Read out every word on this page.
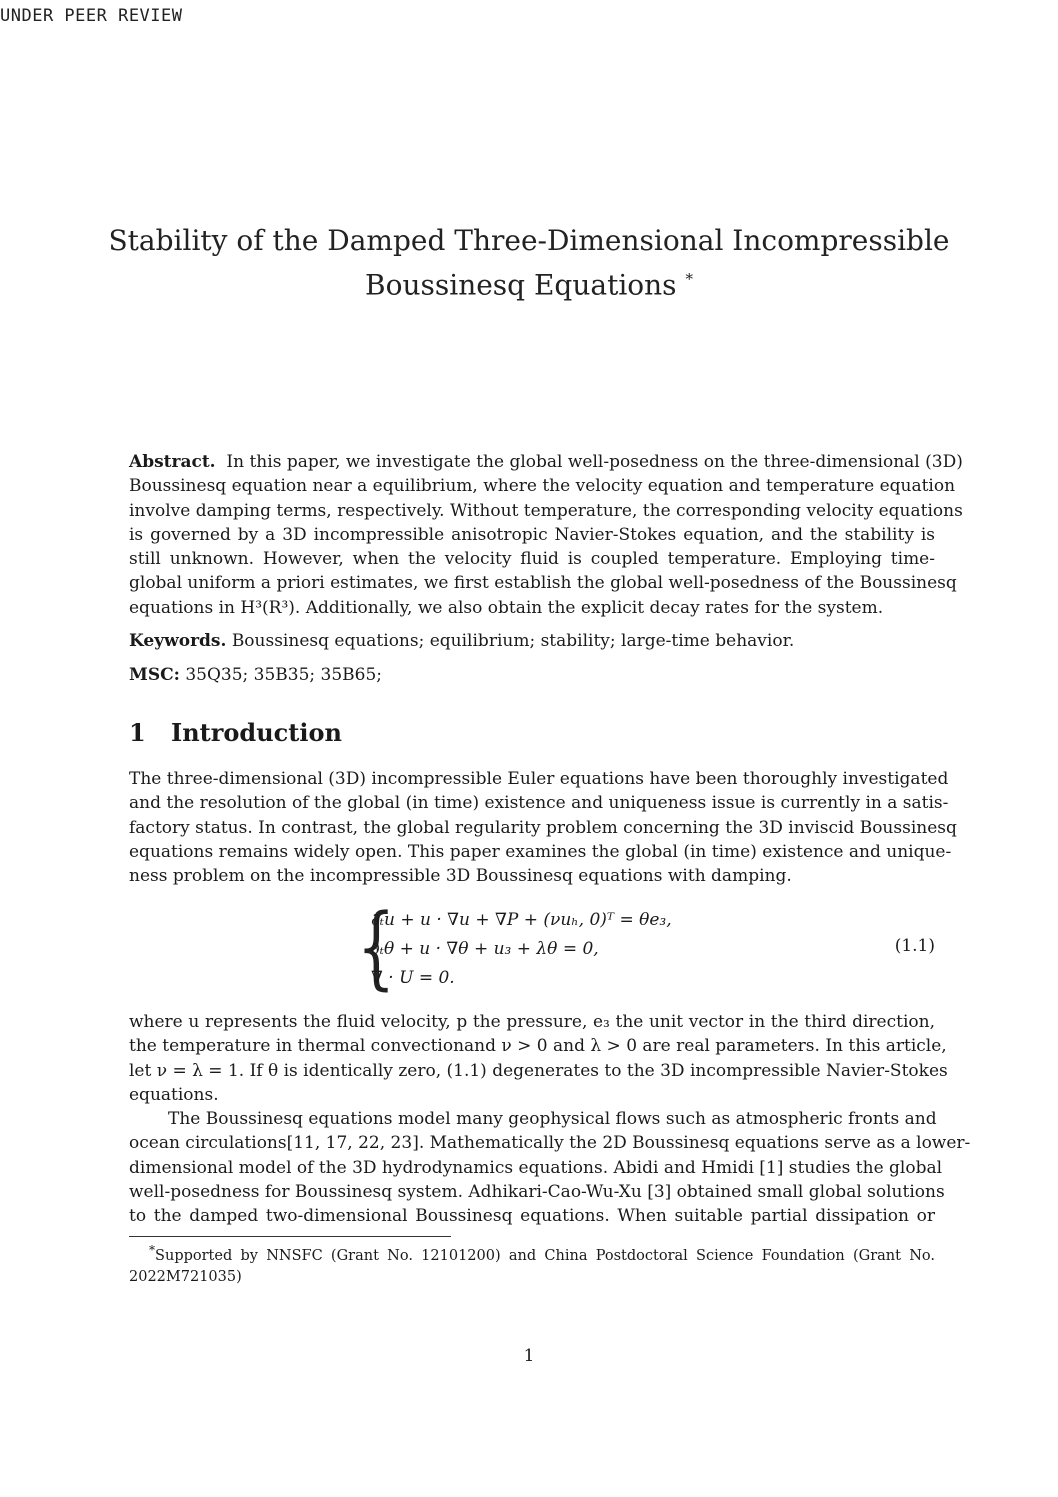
UNDER PEER REVIEW
Stability of the Damped Three-Dimensional Incompressible
Boussinesq Equations *
Abstract. In this paper, we investigate the global well-posedness on the three-dimensional (3D)
Boussinesq equation near a equilibrium, where the velocity equation and temperature equation
involve damping terms, respectively. Without temperature, the corresponding velocity equations
is governed by a 3D incompressible anisotropic Navier-Stokes equation, and the stability is
still unknown. However, when the velocity fluid is coupled temperature. Employing time-
global uniform a priori estimates, we first establish the global well-posedness of the Boussinesq
equations in H³(R³). Additionally, we also obtain the explicit decay rates for the system.
Keywords. Boussinesq equations; equilibrium; stability; large-time behavior.
MSC: 35Q35; 35B35; 35B65;
1 Introduction
The three-dimensional (3D) incompressible Euler equations have been thoroughly investigated
and the resolution of the global (in time) existence and uniqueness issue is currently in a satis-
factory status. In contrast, the global regularity problem concerning the 3D inviscid Boussinesq
equations remains widely open. This paper examines the global (in time) existence and unique-
ness problem on the incompressible 3D Boussinesq equations with damping.
{
∂ₜu + u · ∇u + ∇P + (νuₕ, 0)ᵀ = θe₃,
∂ₜθ + u · ∇θ + u₃ + λθ = 0,
∇ · U = 0.
(1.1)
where u represents the fluid velocity, p the pressure, e₃ the unit vector in the third direction,
the temperature in thermal convectionand ν > 0 and λ > 0 are real parameters. In this article,
let ν = λ = 1. If θ is identically zero, (1.1) degenerates to the 3D incompressible Navier-Stokes
equations.
The Boussinesq equations model many geophysical flows such as atmospheric fronts and
ocean circulations[11, 17, 22, 23]. Mathematically the 2D Boussinesq equations serve as a lower-
dimensional model of the 3D hydrodynamics equations. Abidi and Hmidi [1] studies the global
well-posedness for Boussinesq system. Adhikari-Cao-Wu-Xu [3] obtained small global solutions
to the damped two-dimensional Boussinesq equations. When suitable partial dissipation or
*Supported by NNSFC (Grant No. 12101200) and China Postdoctoral Science Foundation (Grant No.
2022M721035)
1
